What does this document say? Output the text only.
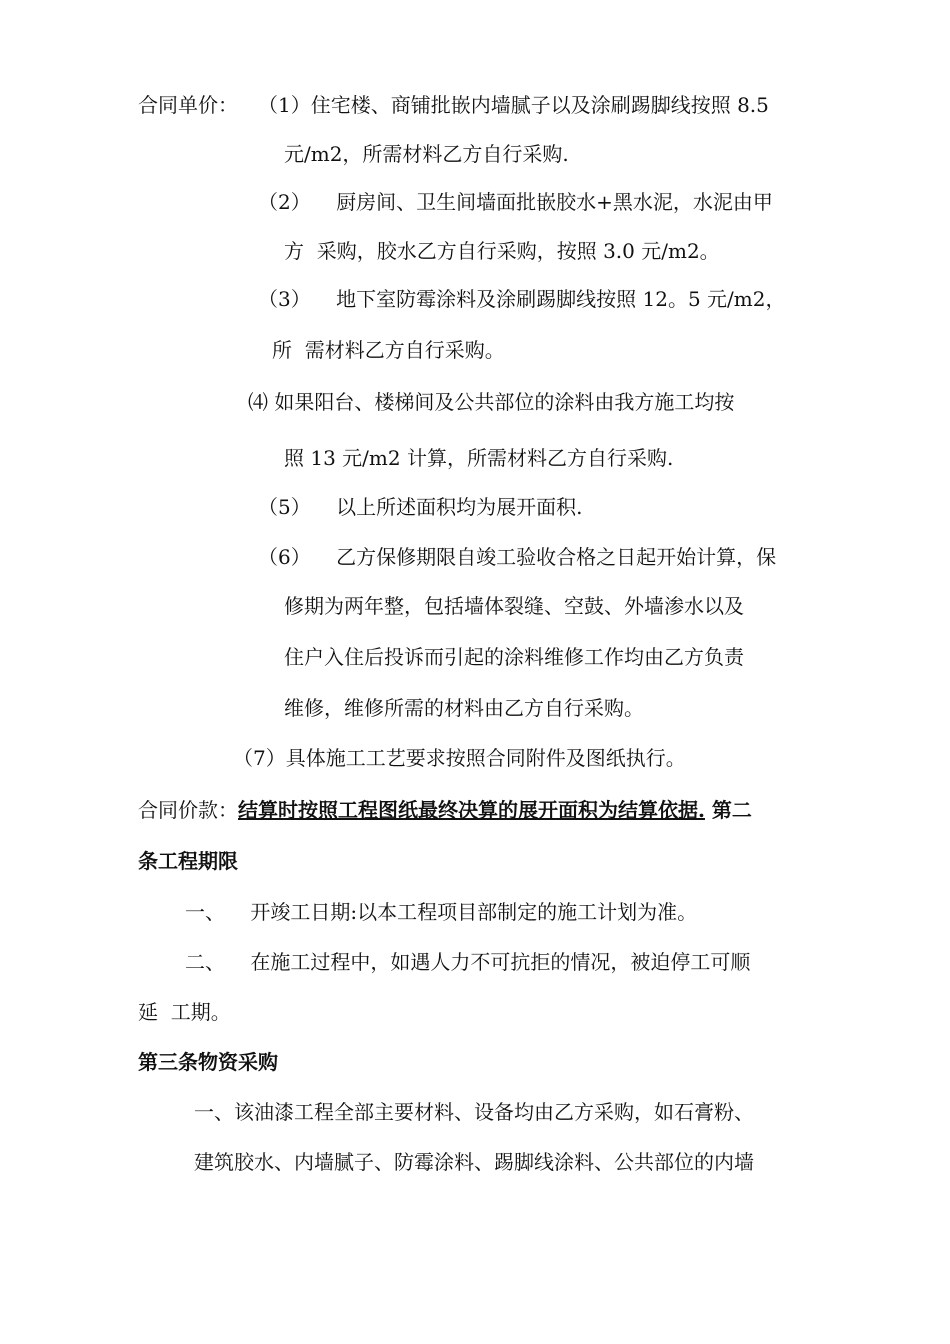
合同单价： （1）住宅楼、商铺批嵌内墙腻子以及涂刷踢脚线按照 8.5

元/m2，所需材料乙方自行采购.

（2）    厨房间、卫生间墙面批嵌胶水+黑水泥，水泥由甲

方  采购，胶水乙方自行采购，按照 3.0 元/m2。

（3）    地下室防霉涂料及涂刷踢脚线按照 12。5 元/m2，

所  需材料乙方自行采购。

⑷ 如果阳台、楼梯间及公共部位的涂料由我方施工均按

照 13 元/m2 计算，所需材料乙方自行采购.

（5）    以上所述面积均为展开面积.

（6）    乙方保修期限自竣工验收合格之日起开始计算，保

修期为两年整，包括墙体裂缝、空鼓、外墙渗水以及

住户入住后投诉而引起的涂料维修工作均由乙方负责

维修，维修所需的材料由乙方自行采购。

（7）具体施工工艺要求按照合同附件及图纸执行。

合同价款：结算时按照工程图纸最终决算的展开面积为结算依据. 第二

条工程期限

一、    开竣工日期:以本工程项目部制定的施工计划为准。

二、    在施工过程中，如遇人力不可抗拒的情况，被迫停工可顺

延  工期。

第三条物资采购

一、该油漆工程全部主要材料、设备均由乙方采购，如石膏粉、

建筑胶水、内墙腻子、防霉涂料、踢脚线涂料、公共部位的内墙
